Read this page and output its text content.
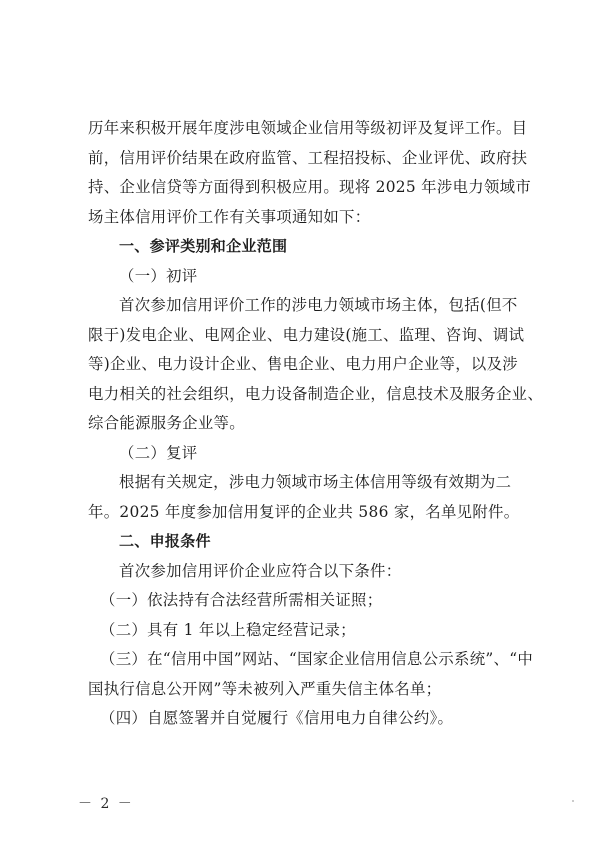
历年来积极开展年度涉电领域企业信用等级初评及复评工作。目
前，信用评价结果在政府监管、工程招投标、企业评优、政府扶
持、企业信贷等方面得到积极应用。现将 2025 年涉电力领域市
场主体信用评价工作有关事项通知如下：
一、参评类别和企业范围
（一）初评
首次参加信用评价工作的涉电力领域市场主体，包括(但不
限于)发电企业、电网企业、电力建设(施工、监理、咨询、调试
等)企业、电力设计企业、售电企业、电力用户企业等，以及涉
电力相关的社会组织，电力设备制造企业，信息技术及服务企业、
综合能源服务企业等。
（二）复评
根据有关规定，涉电力领域市场主体信用等级有效期为二
年。2025 年度参加信用复评的企业共 586 家，名单见附件。
二、申报条件
首次参加信用评价企业应符合以下条件：
（一）依法持有合法经营所需相关证照；
（二）具有 1 年以上稳定经营记录；
（三）在“信用中国”网站、“国家企业信用信息公示系统”、“中
国执行信息公开网”等未被列入严重失信主体名单；
（四）自愿签署并自觉履行《信用电力自律公约》。
－ 2 －
